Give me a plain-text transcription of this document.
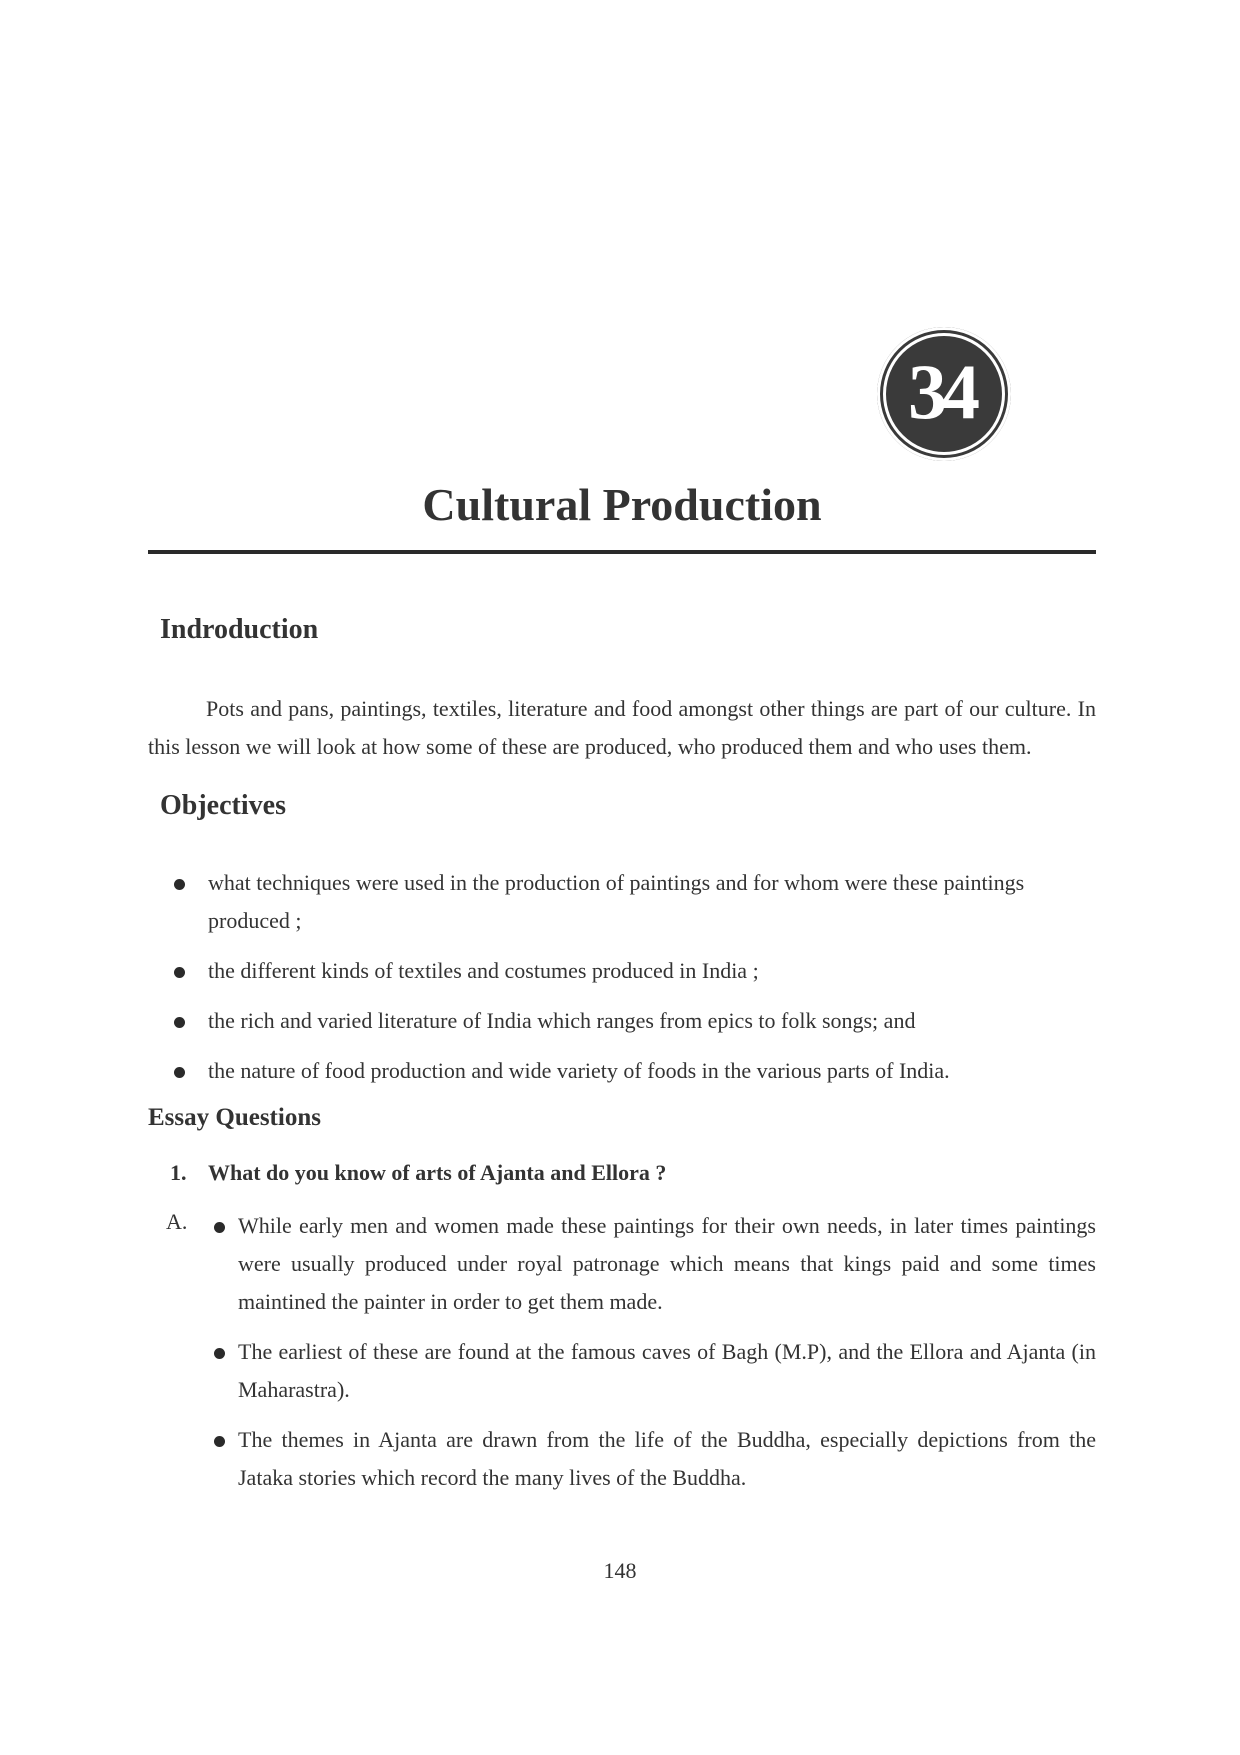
34
Cultural Production
Indroduction

Pots and pans, paintings, textiles, literature and food amongst other things are part of our culture. In this lesson we will look at how some of these are produced, who produced them and who uses them.

Objectives
what techniques were used in the production of paintings and for whom were these paintings produced ;
the different kinds of textiles and costumes produced in India ;
the rich and varied literature of India which ranges from epics to folk songs; and
the nature of food production and wide variety of foods in the various parts of India.
Essay Questions

1. What do you know of arts of Ajanta and Ellora ?

A.	While early men and women made these paintings for their own needs, in later times paintings were usually produced under royal patronage which means that kings paid and some times maintined the painter in order to get them made.
The earliest of these are found at the famous caves of Bagh (M.P), and the Ellora and Ajanta (in Maharastra).
The themes in Ajanta are drawn from the life of the Buddha, especially depictions from the Jataka stories which record the many lives of the Buddha.
148
